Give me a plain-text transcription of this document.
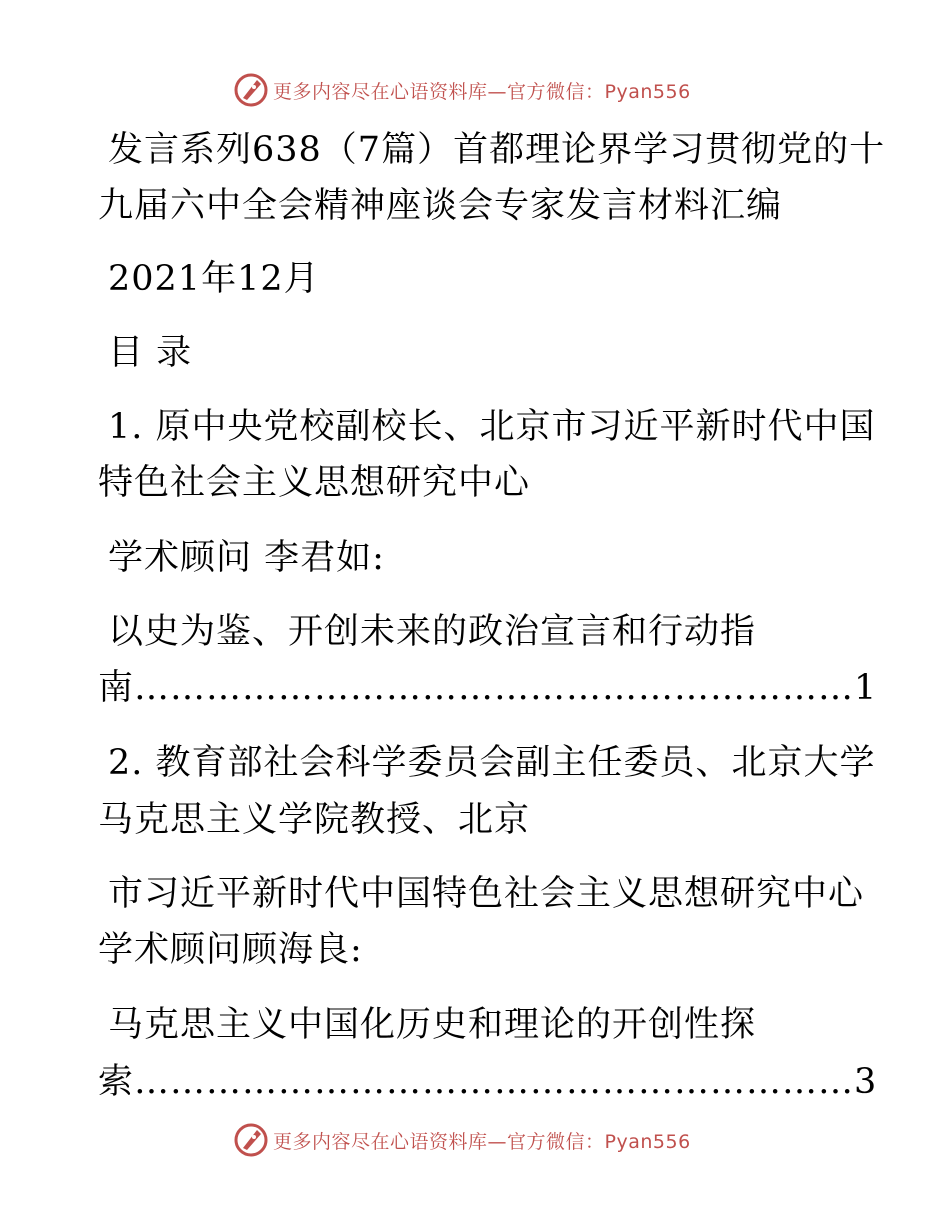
更多内容尽在心语资料库—官方微信：Pyan556
发言系列638（7篇）首都理论界学习贯彻党的十
九届六中全会精神座谈会专家发言材料汇编
2021年12月
目 录
1. 原中央党校副校长、北京市习近平新时代中国
特色社会主义思想研究中心
学术顾问 李君如:
以史为鉴、开创未来的政治宣言和行动指
南……………………………………………………1
2. 教育部社会科学委员会副主任委员、北京大学
马克思主义学院教授、北京
市习近平新时代中国特色社会主义思想研究中心
学术顾问顾海良:
马克思主义中国化历史和理论的开创性探
索……………………………………………………3
更多内容尽在心语资料库—官方微信：Pyan556
